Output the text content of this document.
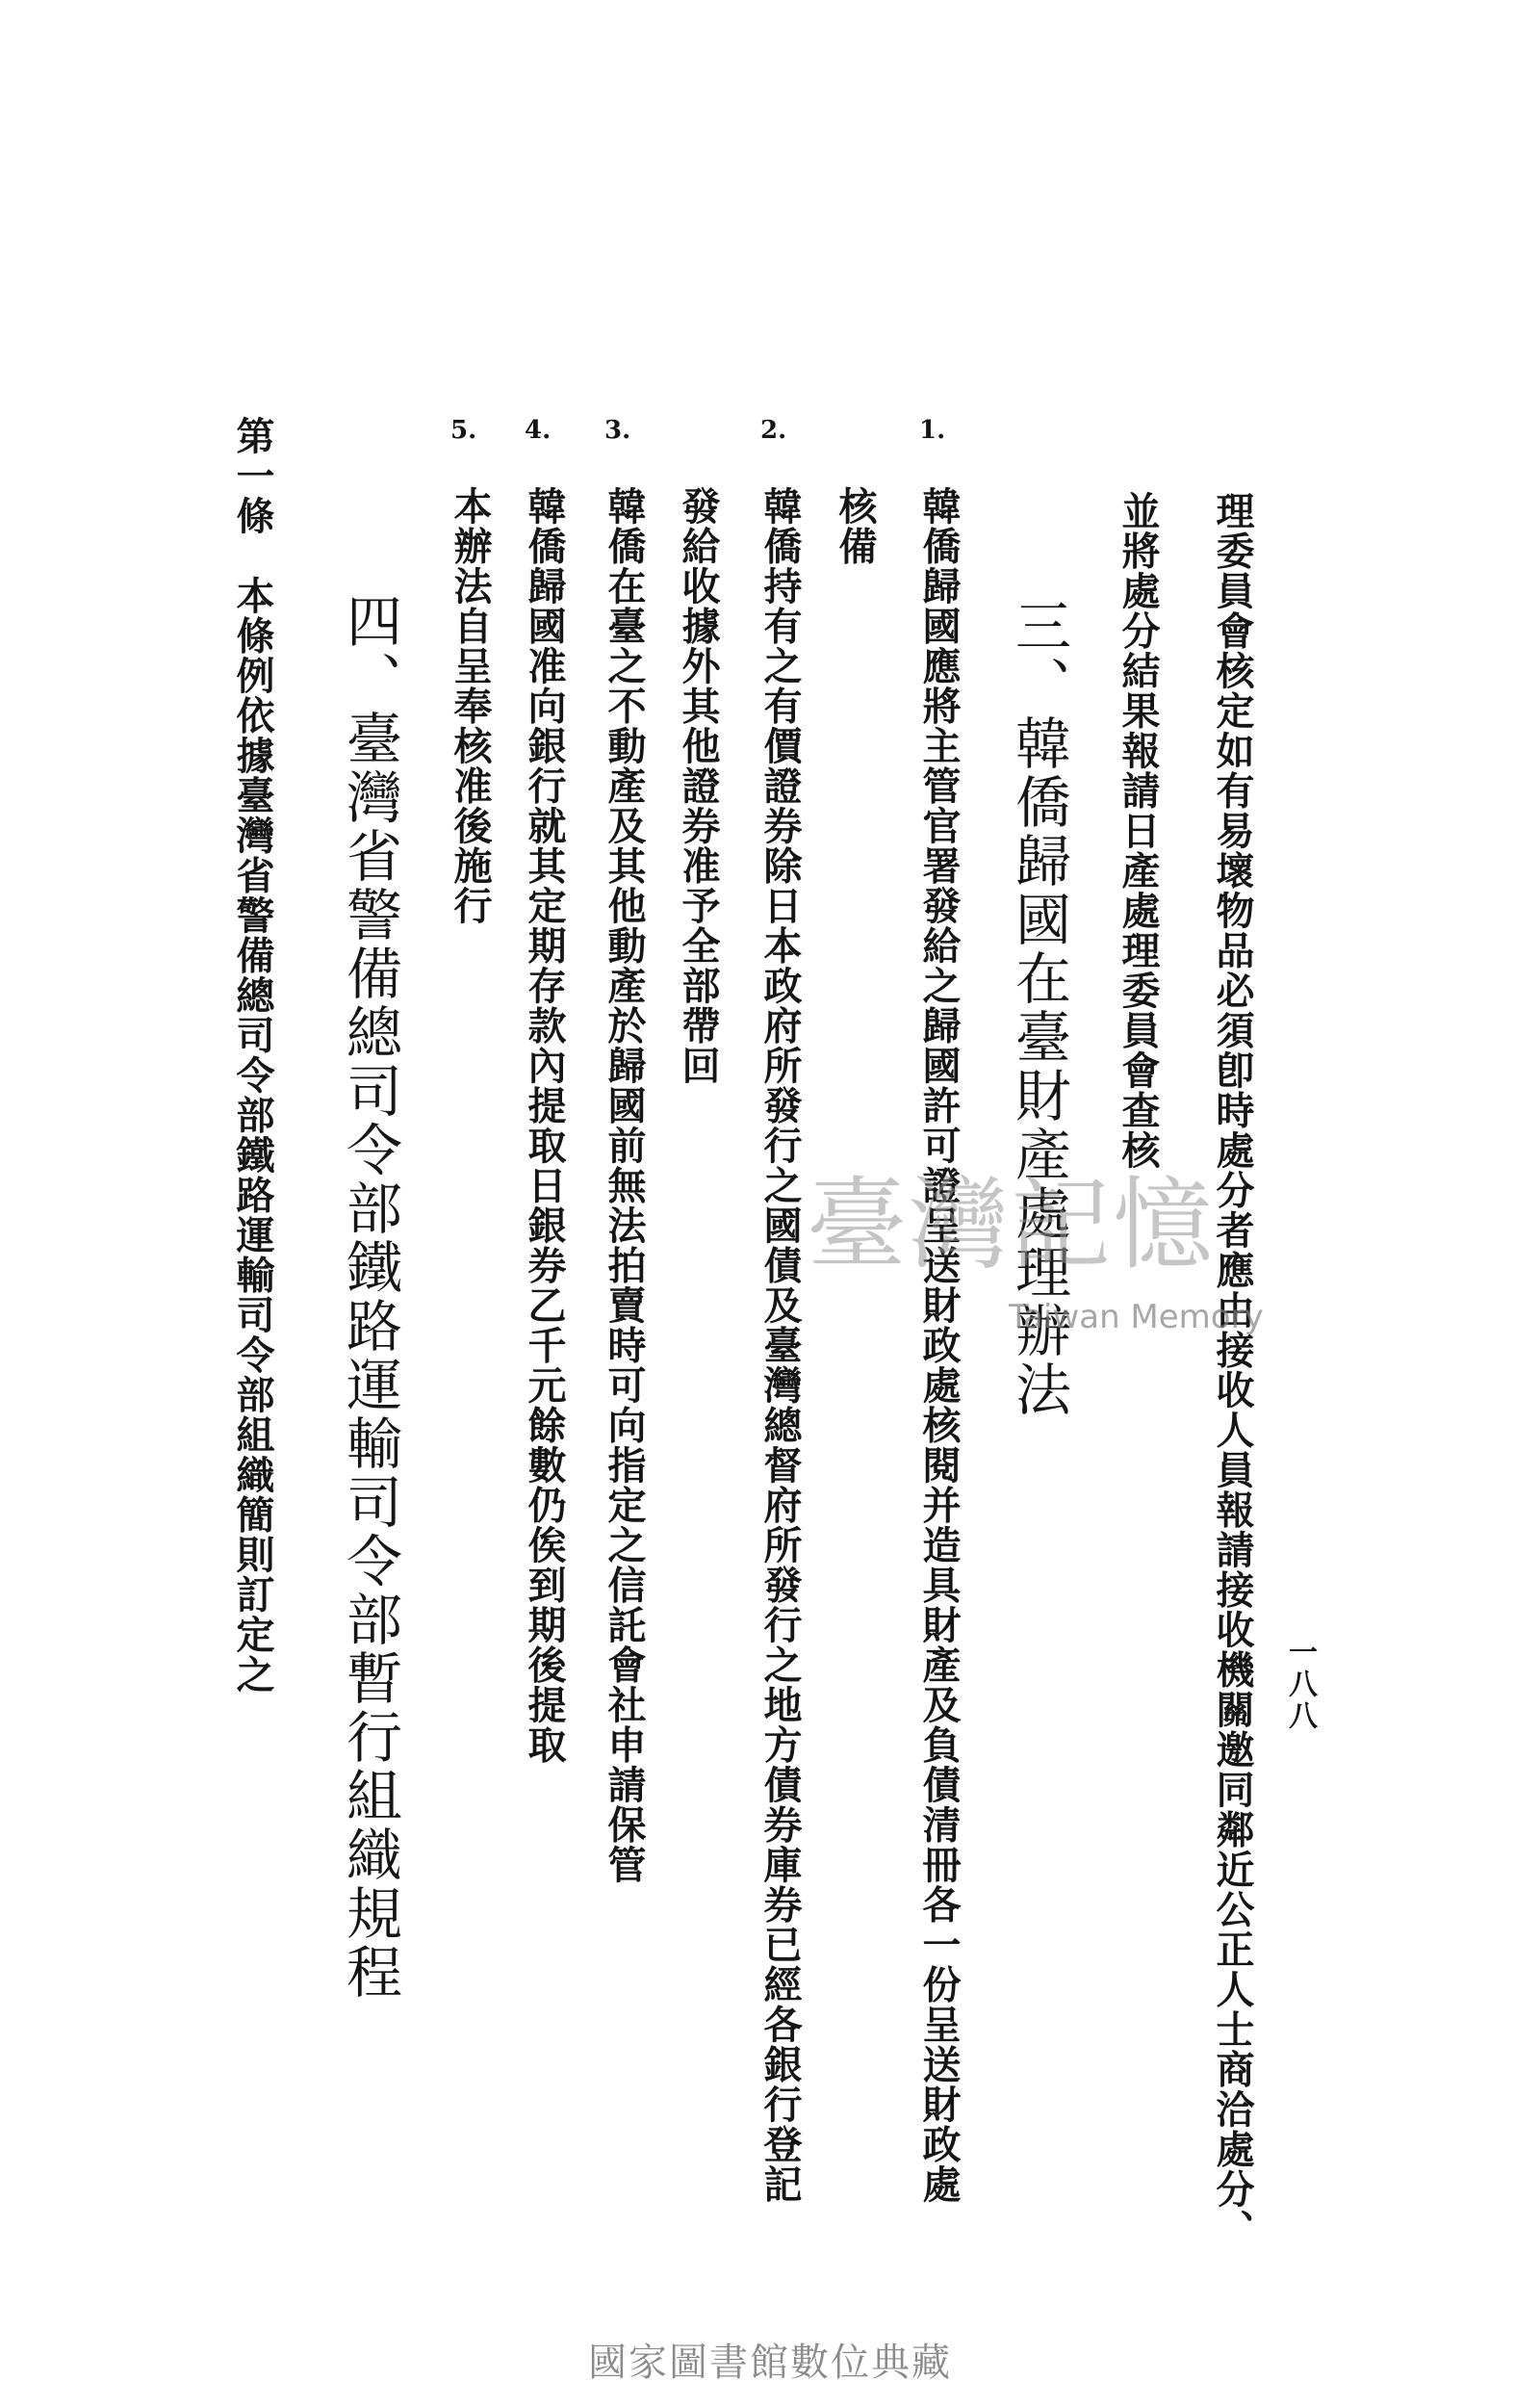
一八八
理委員會核定如有易壞物品必須卽時處分者應由接收人員報請接收機關邀同鄰近公正人士商洽處分、
並將處分結果報請日產處理委員會查核
三、韓僑歸國在臺財產處理辦法
1.
韓僑歸國應將主管官署發給之歸國許可證呈送財政處核閱并造具財產及負債清冊各一份呈送財政處
核備
2.
韓僑持有之有價證券除日本政府所發行之國債及臺灣總督府所發行之地方債券庫券已經各銀行登記
發給收據外其他證券准予全部帶回
3.
韓僑在臺之不動產及其他動產於歸國前無法拍賣時可向指定之信託會社申請保管
4.
韓僑歸國准向銀行就其定期存款內提取日銀券乙千元餘數仍俟到期後提取
5.
本辦法自呈奉核准後施行
四、臺灣省警備總司令部鐵路運輸司令部暫行組織規程
第一條　本條例依據臺灣省警備總司令部鐵路運輸司令部組織簡則訂定之	臺灣記憶
Taiwan Memory
國家圖書館數位典藏
